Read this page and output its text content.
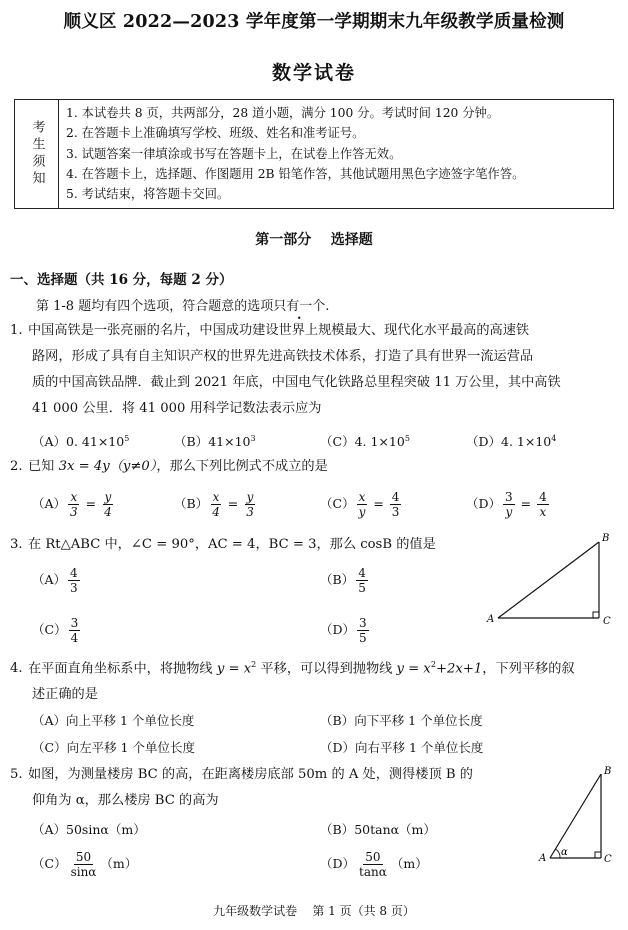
顺义区 2022—2023 学年度第一学期期末九年级教学质量检测
数学试卷
考生须知
1. 本试卷共 8 页，共两部分，28 道小题，满分 100 分。考试时间 120 分钟。
2. 在答题卡上准确填写学校、班级、姓名和准考证号。
3. 试题答案一律填涂或书写在答题卡上，在试卷上作答无效。
4. 在答题卡上，选择题、作图题用 2B 铅笔作答，其他试题用黑色字迹签字笔作答。
5. 考试结束，将答题卡交回。
第一部分    选择题
一、选择题（共 16 分，每题 2 分）
第 1-8 题均有四个选项，符合题意的选项只有一个.
1. 中国高铁是一张亮丽的名片，中国成功建设世界上规模最大、现代化水平最高的高速铁
路网，形成了具有自主知识产权的世界先进高铁技术体系，打造了具有世界一流运营品
质的中国高铁品牌．截止到 2021 年底，中国电气化铁路总里程突破 11 万公里，其中高铁
41 000 公里．将 41 000 用科学记数法表示应为
（A）0. $41\times 10^5$	$(B)41\times 10^3$	（C）4. $1\times 10^5$	（D）4. $1\times 10^4$
2. 已知 3x = 4y（y≠0），那么下列比例式不成立的是
$(A) \frac{x}{3} = \frac{y}{4}$	$(B) \frac{x}{4} = \frac{y}{3}$	$(C) \frac{x}{y} = \frac{4}{3}$	$(D) \frac{3}{y} = \frac{4}{x}$
3. 在 Rt△ABC 中，∠C = 90°，AC = 4，BC = 3，那么 cosB 的值是
$(A) \frac{4}{3}$	$(B) \frac{4}{5}$
$(C) \frac{3}{4}$	$(D) \frac{3}{5}$	A
B
C
4. 在平面直角坐标系中，将抛物线 $y = x^2$ 平移，可以得到抛物线 $y = x^2+2x+1$，下列平移的叙
述正确的是
（A）向上平移 1 个单位长度	（B）向下平移 1 个单位长度
（C）向左平移 1 个单位长度	（D）向右平移 1 个单位长度
5. 如图，为测量楼房 BC 的高，在距离楼房底部 50m 的 A 处，测得楼顶 B 的
仰角为 α，那么楼房 BC 的高为
（A）50sinα（m）	（B）50tanα（m）
$(C) \frac{50}{\sin\alpha} (m)$	$(D) \frac{50}{\tan\alpha} (m)$	A
B
C
α
九年级数学试卷    第 1 页（共 8 页）
